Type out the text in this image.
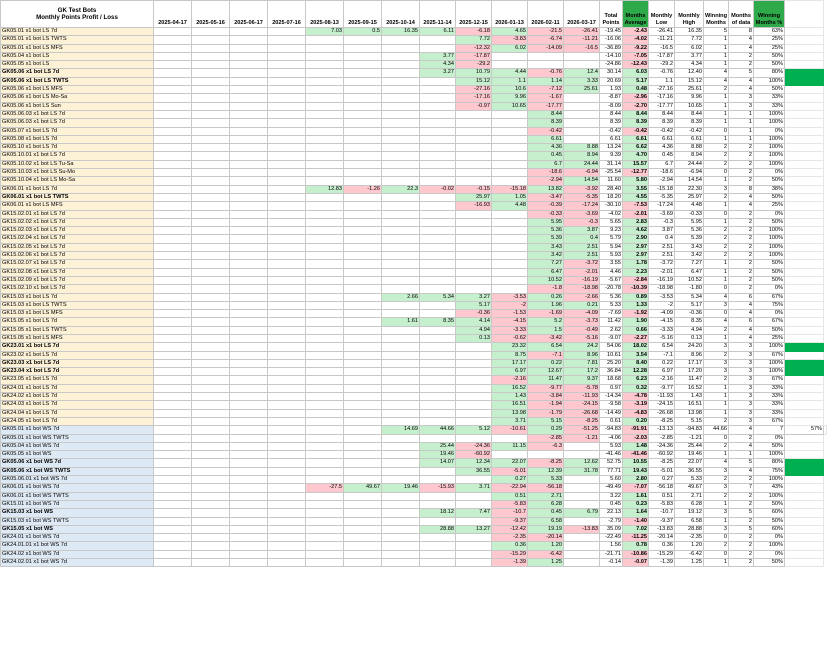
GK Test Bots
Monthly Points Profit / Loss	2025-04-17	2025-05-16	2025-06-17	2025-07-16	2025-08-13	2025-09-15	2025-10-14	2025-11-14	2025-12-15	2026-01-13	2026-02-11	2026-03-17	Total Points	Months Average	Monthly Low	Monthly High	Winning Months	Months of data	Winning Months %		
GK05.01 x1 bot LS 7d					7.03	0.5	16.35	6.11	-6.18	4.65	-21.5	-26.41	-19.45	-2.43	-26.41	16.35	5	8	63%		
GK05.01 x1 bot LS TWTS									7.72	-3.83	-6.74	-11.21	-16.06	-4.02	-11.21	7.72	1	4	25%		
GK05.01 x1 bot LS MFS									-12.32	6.02	-14.09	-16.5	-36.89	-9.22	-16.5	6.02	1	4	25%		
GK05.04 x1 bot LS								3.77	-17.87				-14.10	-7.05	-17.87	3.77	1	2	50%		
GK05.05 x1 bot LS								4.34	-29.2				-24.86	-12.43	-29.2	4.34	1	2	50%		
GK05.06 x1 bot LS 7d								3.27	10.79	4.44	-0.76	12.4	30.14	6.03	-0.76	12.40	4	5	80%		
GK05.06 x1 bot LS TWTS									15.12	1.1	1.14	3.33	20.69	5.17	1.1	15.12	4	4	100%		
GK05.06 x1 bot LS MFS									-27.16	10.6	-7.12	25.61	1.93	0.48	-27.16	25.61	2	4	50%		
GK05.06 x1 bot LS Mo-Sa									-17.16	9.96	-1.67		-8.87	-2.96	-17.16	9.96	1	3	33%		
GK05.06 x1 bot LS Sun									-0.97	10.65	-17.77		-8.09	-2.70	-17.77	10.65	1	3	33%		
GK05.06.03 x1 bot LS 7d											8.44		8.44	8.44	8.44	8.44	1	1	100%		
GK05.06.03 x1 bot LS 7d											8.39		8.39	8.39	8.39	8.39	1	1	100%		
GK05.07 x1 bot LS 7d											-0.42		-0.42	-0.42	-0.42	-0.42	0	1	0%		
GK05.08 x1 bot LS 7d											6.61		6.61	6.61	6.61	6.61	1	1	100%		
GK05.10 x1 bot LS 7d											4.36	8.88	13.24	6.62	4.36	8.88	2	2	100%		
GK05.10.01 x1 bot LS 7d											0.45	8.94	9.39	4.70	0.45	8.94	2	2	100%		
GK05.10.02 x1 bot LS Tu-Sa											6.7	24.44	31.14	15.57	6.7	24.44	2	2	100%		
GK05.10.03 x1 bot LS Su-Mo											-18.6	-6.94	-25.54	-12.77	-18.6	-6.94	0	2	0%		
GK05.10.04 x1 bot LS Mo-Sa											-2.94	14.54	11.60	5.80	-2.94	14.54	1	2	50%		
GK06.01 x1 bot LS 7d					12.83	-1.26	22.3	-0.02	-0.15	-15.18	13.82	-3.92	28.40	3.55	-15.18	22.30	3	8	38%		
GK06.01 x1 bot LS TWTS									25.97	1.05	-3.47	-5.35	18.20	4.55	-5.35	25.97	2	4	50%		
GK06.01 x1 bot LS MFS									-16.93	4.48	-0.39	-17.24	-30.10	-7.53	-17.24	4.48	1	4	25%		
GK15.02.01 x1 bot LS 7d											-0.33	-3.69	-4.02	-2.01	-3.69	-0.33	0	2	0%		
GK15.02.02 x1 bot LS 7d											5.95	-0.3	5.65	2.83	-0.3	5.95	1	2	50%		
GK15.02.03 x1 bot LS 7d											5.36	3.87	9.23	4.62	3.87	5.36	2	2	100%		
GK15.02.04 x1 bot LS 7d											5.39	0.4	5.79	2.90	0.4	5.39	2	2	100%		
GK15.02.05 x1 bot LS 7d											3.43	2.51	5.94	2.97	2.51	3.43	2	2	100%		
GK15.02.06 x1 bot LS 7d											3.42	2.51	5.93	2.97	2.51	3.42	2	2	100%		
GK15.02.07 x1 bot LS 7d											7.27	-3.72	3.55	1.78	-3.72	7.27	1	2	50%		
GK15.02.08 x1 bot LS 7d											6.47	-2.01	4.46	2.23	-2.01	6.47	1	2	50%		
GK15.02.09 x1 bot LS 7d											10.52	-16.19	-5.67	-2.84	-16.19	10.52	1	2	50%		
GK15.02.10 x1 bot LS 7d											-1.8	-18.98	-20.78	-10.39	-18.98	-1.80	0	2	0%		
GK15.03 x1 bot LS 7d							2.66	5.34	3.27	-3.53	0.26	-2.66	5.36	0.89	-3.53	5.34	4	6	67%		
GK15.03 x1 bot LS TWTS									5.17	-2	1.96	0.21	5.33	1.33	-2	5.17	3	4	75%		
GK15.03 x1 bot LS MFS									-0.36	-1.53	-1.69	-4.09	-7.69	-1.92	-4.09	-0.36	0	4	0%		
GK15.05 x1 bot LS 7d							1.61	8.35	4.14	-4.15	5.2	-3.73	11.42	1.90	-4.15	8.35	4	6	67%		
GK15.05 x1 bot LS TWTS									4.94	-3.33	1.5	-0.49	2.62	0.66	-3.33	4.94	2	4	50%		
GK15.05 x1 bot LS MFS									0.13	-0.62	-3.42	-5.16	-9.07	-2.27	-5.16	0.13	1	4	25%		
GK23.01 x1 bot LS 7d										23.32	6.54	24.2	54.06	18.02	6.54	24.20	3	3	100%		
GK23.02 x1 bot LS 7d										8.75	-7.1	8.96	10.61	3.54	-7.1	8.96	2	3	67%		
GK23.03 x1 bot LS 7d										17.17	0.22	7.81	25.20	8.40	0.22	17.17	3	3	100%		
GK23.04 x1 bot LS 7d										6.97	12.67	17.2	36.84	12.28	6.97	17.20	3	3	100%		
GK23.05 x1 bot LS 7d										-2.16	11.47	9.37	18.68	6.23	-2.16	11.47	2	3	67%		
GK24.01 x1 bot LS 7d										16.52	-9.77	-5.78	0.97	0.32	-9.77	16.52	1	3	33%		
GK24.02 x1 bot LS 7d										1.43	-3.84	-11.93	-14.34	-4.78	-11.93	1.43	1	3	33%		
GK24.03 x1 bot LS 7d										16.51	-1.94	-24.15	-9.58	-3.19	-24.15	16.51	1	3	33%		
GK24.04 x1 bot LS 7d										13.98	-1.79	-26.68	-14.49	-4.83	-26.68	13.98	1	3	33%		
GK24.05 x1 bot LS 7d										3.71	5.15	-8.25	0.61	0.20	-8.25	5.15	2	3	67%		
GK05.01 x1 bot WS 7d							14.69	44.66	5.12	-10.61	0.29	-51.25	-94.83	-91.91	-13.13	-94.83	44.66	4	7	57%	
GK05.01 x1 bot WS TWTS											-2.85	-1.21	-4.06	-2.03	-2.85	-1.21	0	2	0%		
GK05.04 x1 bot WS 7d								25.44	-24.36	11.15	-6.3		5.93	1.48	-24.36	25.44	2	4	50%		
GK05.05 x1 bot WS								19.46	-60.92				-41.46	-41.46	-60.92	19.46	1	1	100%		
GK05.06 x1 bot WS 7d								14.07	12.34	22.07	-8.25	12.62	52.75	10.55	-8.25	22.07	4	5	80%		
GK05.06 x1 bot WS TWTS									36.55	-5.01	12.39	31.78	77.71	19.43	-5.01	36.55	3	4	75%		
GK05.06.01 x1 bot WS 7d										0.27	5.33		5.60	2.80	0.27	5.33	2	2	100%		
GK06.01 x1 bot WS 7d					-27.5	49.67	19.46	-15.93	3.71	-22.94	-56.18		-49.49	-7.07	-56.18	49.67	3	7	43%		
GK06.01 x1 bot WS TWTS										0.51	2.71		3.22	1.61	0.51	2.71	2	2	100%		
GK15.01 x1 bot WS 7d										-5.83	6.28		0.45	0.23	-5.83	6.28	1	2	50%		
GK15.03 x1 bot WS								18.12	7.47	-10.7	0.45	6.79	22.13	1.64	-10.7	19.12	3	5	60%		
GK15.03 x1 bot WS TWTS										-9.37	6.58		-2.79	-1.40	-9.37	6.58	1	2	50%		
GK15.05 x1 bot WS								28.88	13.27	-12.42	19.19	-13.83	35.09	7.02	-13.83	28.88	3	5	60%		
GK24.01 x1 bot WS 7d										-2.35	-20.14		-22.49	-11.25	-20.14	-2.35	0	2	0%		
GK24.01.01 x1 bot WS 7d										0.36	1.20		1.56	0.78	0.36	1.20	2	2	100%		
GK24.02 x1 bot WS 7d										-15.29	-6.42		-21.71	-10.86	-15.29	-6.42	0	2	0%		
GK24.02.01 x1 bot WS 7d										-1.39	1.25		-0.14	-0.07	-1.39	1.25	1	2	50%		
